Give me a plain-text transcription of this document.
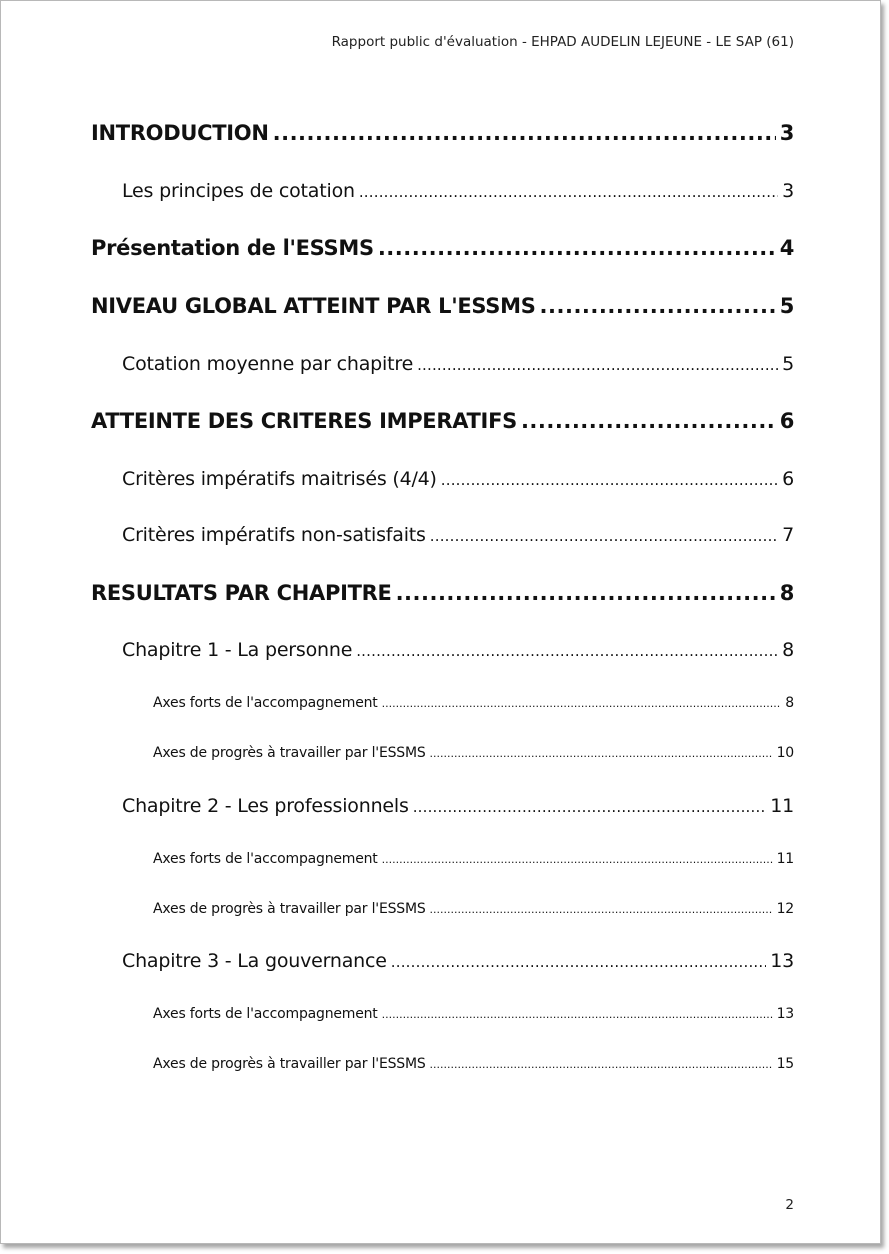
Rapport public d'évaluation - EHPAD AUDELIN LEJEUNE - LE SAP (61)
INTRODUCTION .....	3
Les principes de cotation .....	3
Présentation de l'ESSMS .....	4
NIVEAU GLOBAL ATTEINT PAR L'ESSMS .....	5
Cotation moyenne par chapitre .....	5
ATTEINTE DES CRITERES IMPERATIFS .....	6
Critères impératifs maitrisés (4/4) .....	6
Critères impératifs non-satisfaits .....	7
RESULTATS PAR CHAPITRE .....	8
Chapitre 1 - La personne .....	8
Axes forts de l'accompagnement .....	8
Axes de progrès à travailler par l'ESSMS .....	10
Chapitre 2 - Les professionnels .....	11
Axes forts de l'accompagnement .....	11
Axes de progrès à travailler par l'ESSMS .....	12
Chapitre 3 - La gouvernance .....	13
Axes forts de l'accompagnement .....	13
Axes de progrès à travailler par l'ESSMS .....	15
2
